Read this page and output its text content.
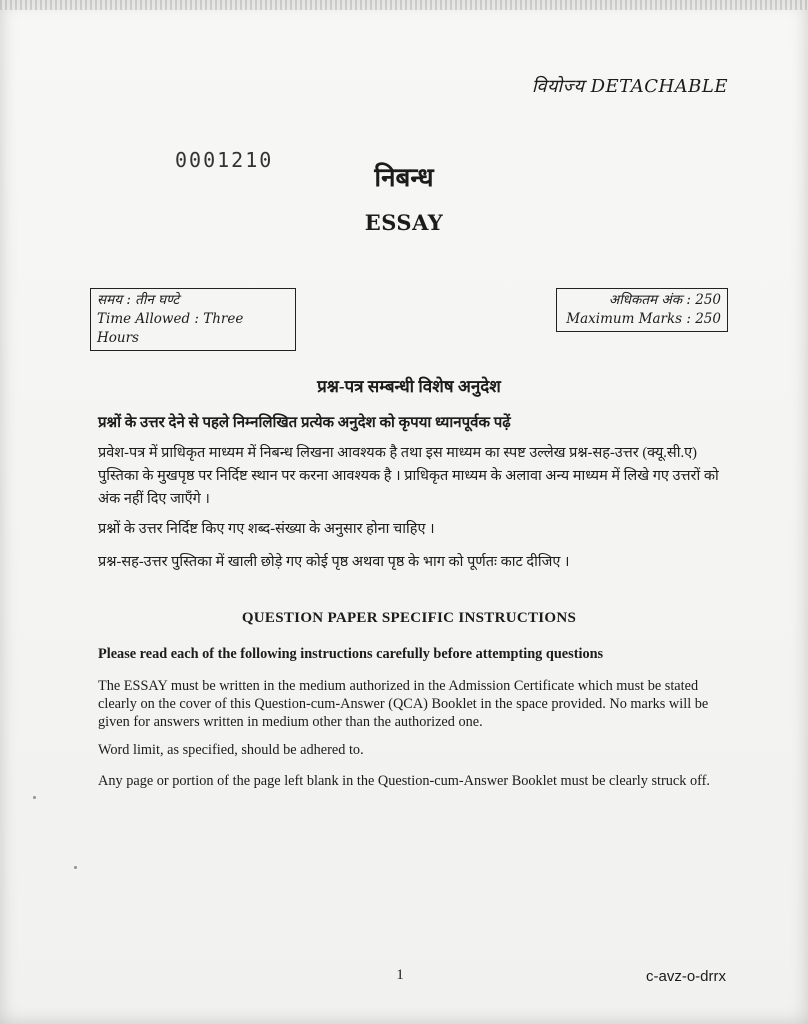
वियोज्य DETACHABLE
0001210
निबन्ध
ESSAY
समय : तीन घण्टे
Time Allowed : Three Hours
अधिकतम अंक : 250
Maximum Marks : 250
प्रश्न-पत्र सम्बन्धी विशेष अनुदेश
प्रश्नों के उत्तर देने से पहले निम्नलिखित प्रत्येक अनुदेश को कृपया ध्यानपूर्वक पढ़ें
प्रवेश-पत्र में प्राधिकृत माध्यम में निबन्ध लिखना आवश्यक है तथा इस माध्यम का स्पष्ट उल्लेख प्रश्न-सह-उत्तर (क्यू.सी.ए) पुस्तिका के मुखपृष्ठ पर निर्दिष्ट स्थान पर करना आवश्यक है । प्राधिकृत माध्यम के अलावा अन्य माध्यम में लिखे गए उत्तरों को अंक नहीं दिए जाएँगे ।
प्रश्नों के उत्तर निर्दिष्ट किए गए शब्द-संख्या के अनुसार होना चाहिए ।
प्रश्न-सह-उत्तर पुस्तिका में खाली छोड़े गए कोई पृष्ठ अथवा पृष्ठ के भाग को पूर्णतः काट दीजिए ।
QUESTION PAPER SPECIFIC INSTRUCTIONS
Please read each of the following instructions carefully before attempting questions
The ESSAY must be written in the medium authorized in the Admission Certificate which must be stated clearly on the cover of this Question-cum-Answer (QCA) Booklet in the space provided. No marks will be given for answers written in medium other than the authorized one.
Word limit, as specified, should be adhered to.
Any page or portion of the page left blank in the Question-cum-Answer Booklet must be clearly struck off.
1	c-avz-o-drrx
